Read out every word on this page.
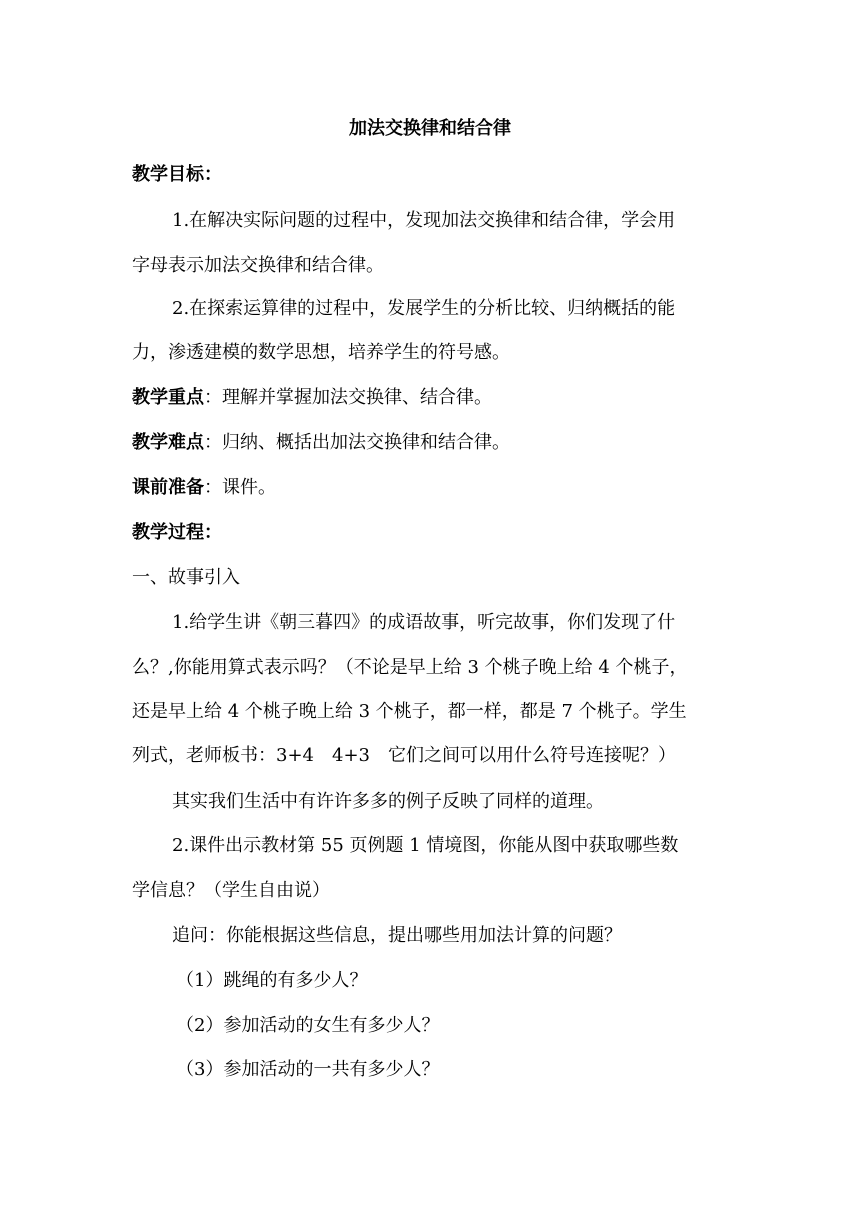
加法交换律和结合律
教学目标：
1.在解决实际问题的过程中，发现加法交换律和结合律，学会用
字母表示加法交换律和结合律。
2.在探索运算律的过程中，发展学生的分析比较、归纳概括的能
力，渗透建模的数学思想，培养学生的符号感。
教学重点：理解并掌握加法交换律、结合律。
教学难点：归纳、概括出加法交换律和结合律。
课前准备：课件。
教学过程：
一、故事引入
1.给学生讲《朝三暮四》的成语故事，听完故事，你们发现了什
么？,你能用算式表示吗？（不论是早上给 3 个桃子晚上给 4 个桃子，
还是早上给 4 个桃子晚上给 3 个桃子，都一样，都是 7 个桃子。学生
列式，老师板书：3+4　4+3　它们之间可以用什么符号连接呢？）
其实我们生活中有许许多多的例子反映了同样的道理。
2.课件出示教材第 55 页例题 1 情境图，你能从图中获取哪些数
学信息？（学生自由说）
追问：你能根据这些信息，提出哪些用加法计算的问题？
（1）跳绳的有多少人？
（2）参加活动的女生有多少人？
（3）参加活动的一共有多少人？
